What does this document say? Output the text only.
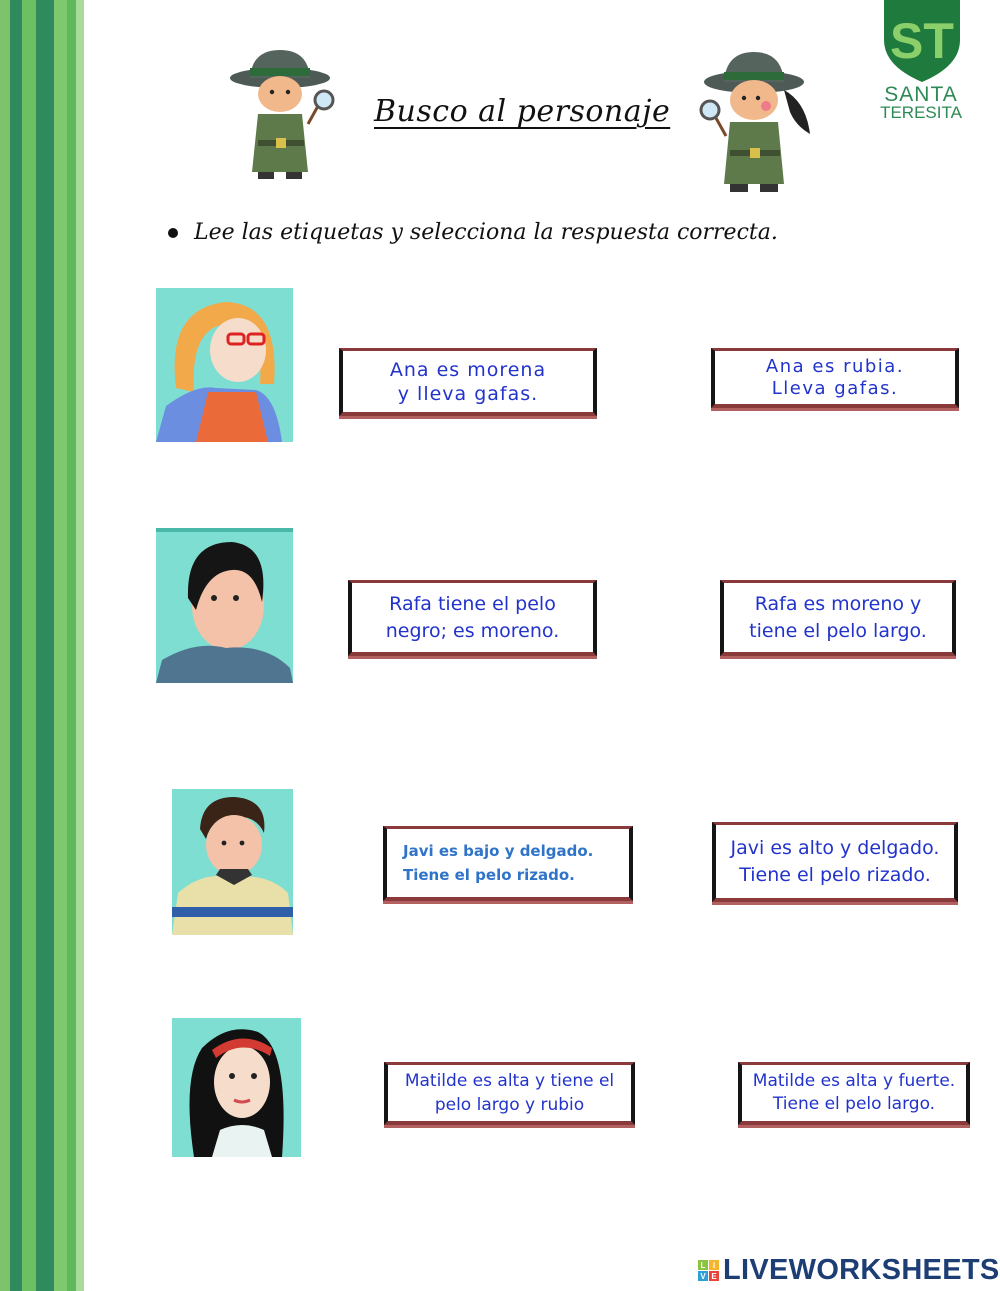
Busco al personaje
ST
SANTA
TERESITA
Lee las etiquetas y selecciona la respuesta correcta.
Ana es morena
y lleva gafas.
Ana es rubia.
Lleva gafas.
Rafa tiene el pelo
negro; es moreno.
Rafa es moreno y
tiene el pelo largo.
Javi es bajo y delgado.
Tiene el pelo rizado.
Javi es alto y delgado.
Tiene el pelo rizado.
Matilde es alta y tiene el
pelo largo y rubio
Matilde es alta y fuerte.
Tiene el pelo largo.
L I
V E LIVEWORKSHEETS
